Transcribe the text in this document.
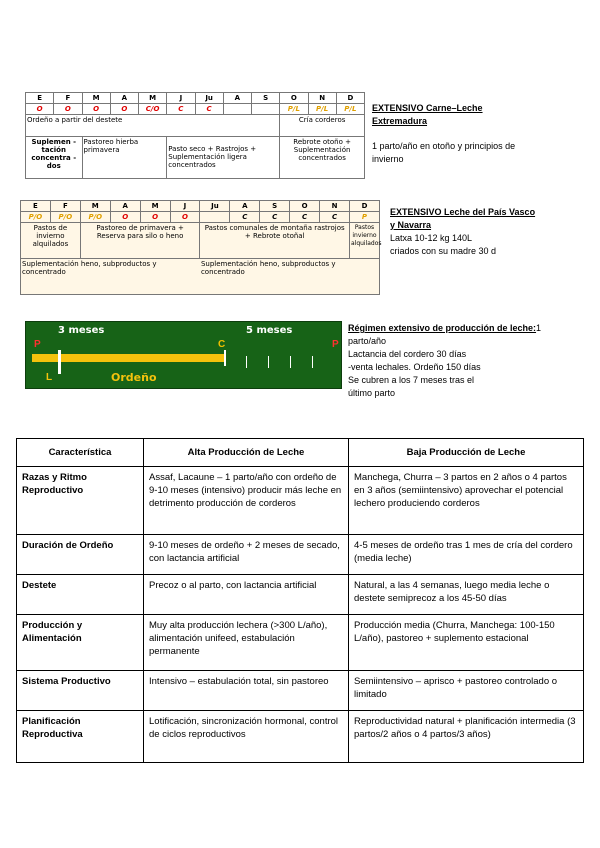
E	F	M	A	M	J	Ju	A	S	O	N	D
O	O	O	O	C/O	C	C			P/L	P/L	P/L
Ordeño a partir del destete									Cría corderos		
Suplemen -tación concentra -dos		Pastoreo hierba primavera			Pasto seco + Rastrojos + Suplementación ligera concentrados				Rebrote otoño + Suplementación concentrados		
EXTENSIVO Carne–Leche Extremadura
1 parto/año en otoño y principios de invierno
E	F	M	A	M	J	Ju	A	S	O	N	D
P/O	P/O	P/O	O	O	O		C	C	C	C	P
Pastos de invierno alquilados		Pastoreo de primavera + Reserva para silo o heno				Pastos comunales de montaña rastrojos + Rebrote otoñal					Pastos invierno alquilados
Suplementación heno, subproductos y concentrado						Suplementación heno, subproductos y concentrado					
EXTENSIVO Leche del País Vasco y Navarra
Latxa 10-12 kg 140L
criados con su madre 30 d
3 meses	5 meses
P	C	P
L	Ordeño
Régimen extensivo de producción de leche:1 parto/año
Lactancia del cordero 30 días
-venta lechales. Ordeño 150 días
Se cubren a los 7 meses tras el
último parto
Característica	Alta Producción de Leche	Baja Producción de Leche
Razas y Ritmo Reproductivo	Assaf, Lacaune – 1 parto/año con ordeño de 9-10 meses (intensivo) producir más leche en detrimento producción de corderos	Manchega, Churra – 3 partos en 2 años o 4 partos en 3 años (semiintensivo) aprovechar el potencial lechero produciendo corderos
Duración de Ordeño	9-10 meses de ordeño + 2 meses de secado, con lactancia artificial	4-5 meses de ordeño tras 1 mes de cría del cordero (media leche)
Destete	Precoz o al parto, con lactancia artificial	Natural, a las 4 semanas, luego media leche o destete semiprecoz a los 45-50 días
Producción y Alimentación	Muy alta producción lechera (>300 L/año), alimentación unifeed, estabulación permanente	Producción media (Churra, Manchega: 100-150 L/año), pastoreo + suplemento estacional
Sistema Productivo	Intensivo – estabulación total, sin pastoreo	Semiintensivo – aprisco + pastoreo controlado o limitado
Planificación Reproductiva	Lotificación, sincronización hormonal, control de ciclos reproductivos	Reproductividad natural + planificación intermedia (3 partos/2 años o 4 partos/3 años)
